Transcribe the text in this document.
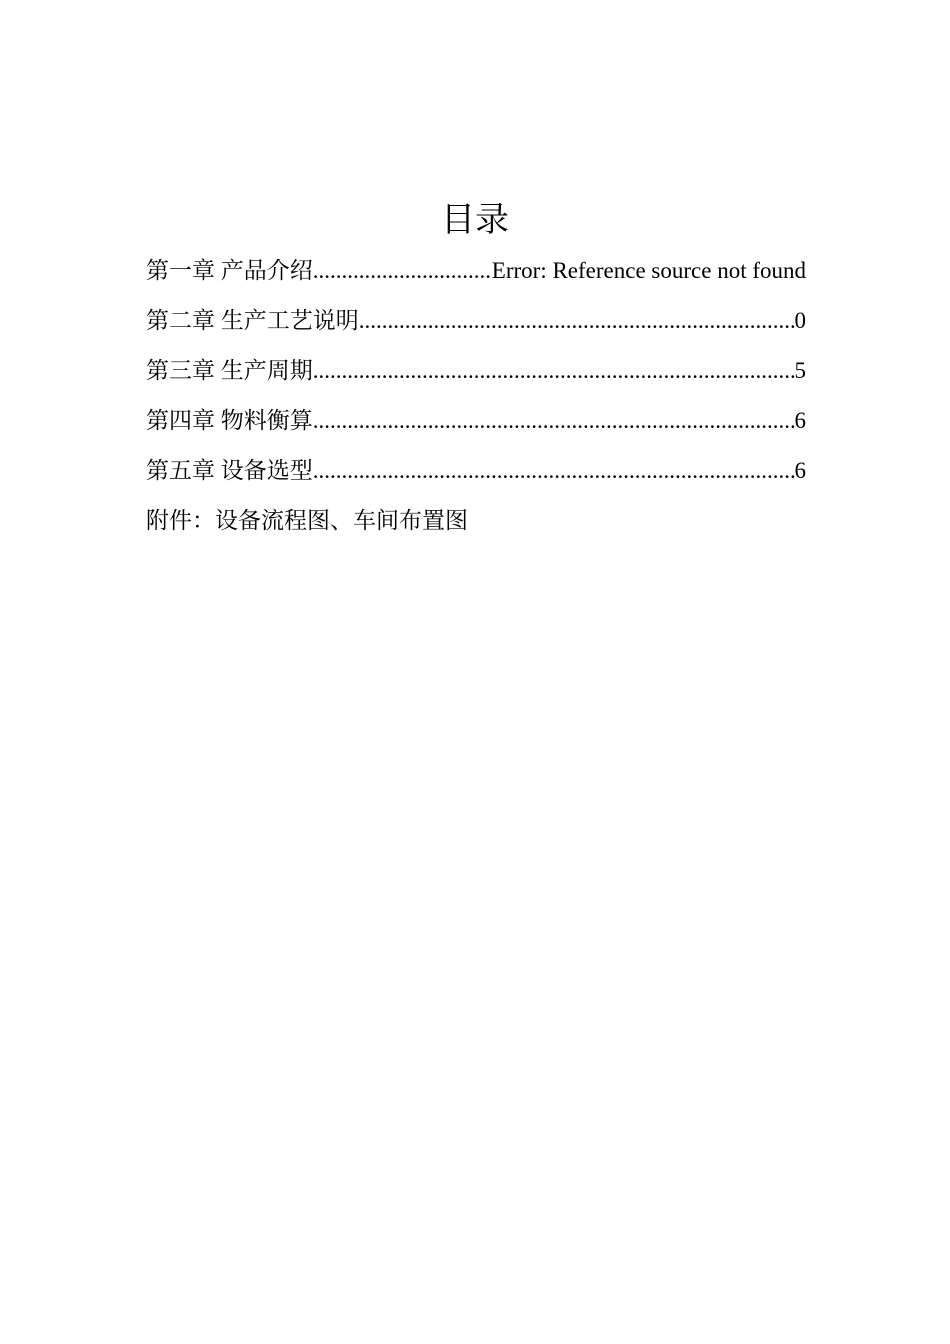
目录
第一章 产品介绍 .....	Error: Reference source not found
第二章 生产工艺说明 .....	0
第三章 生产周期 .....	5
第四章 物料衡算 .....	6
第五章 设备选型 .....	6
附件：设备流程图、车间布置图
